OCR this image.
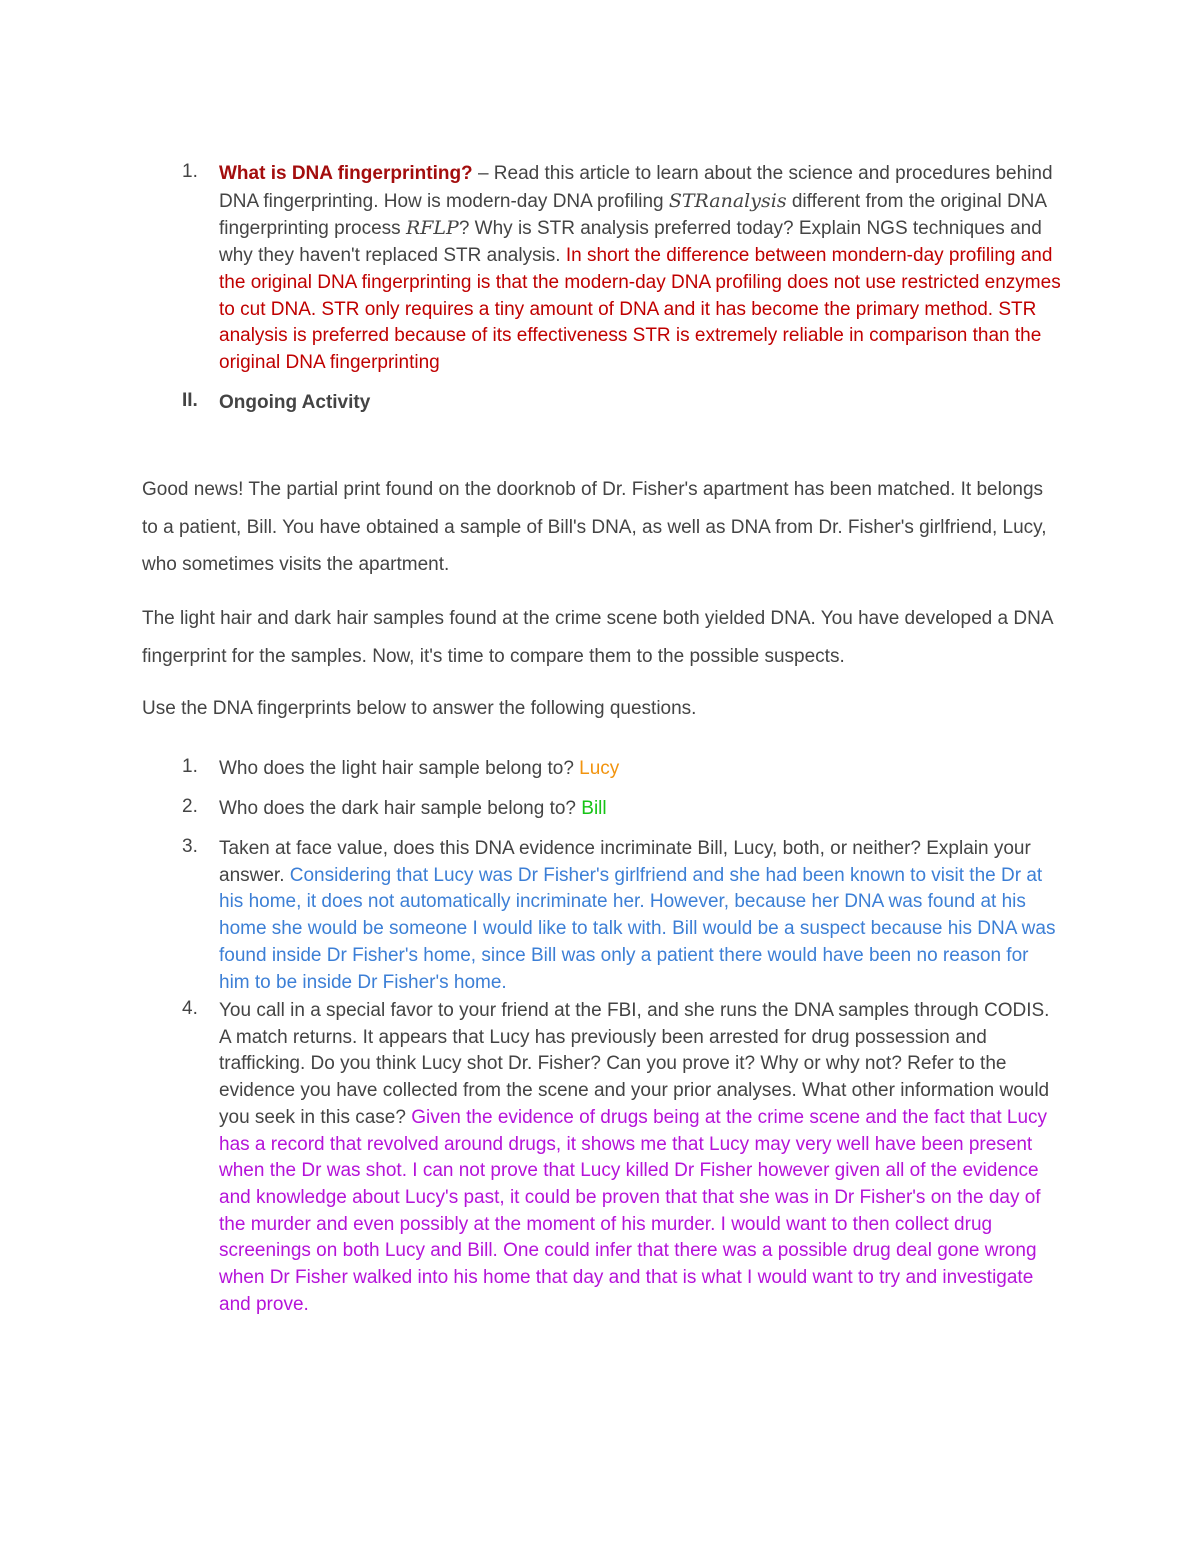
1.	What is DNA fingerprinting? – Read this article to learn about the science and procedures behind DNA fingerprinting. How is modern-day DNA profiling STRanalysis different from the original DNA fingerprinting process RFLP? Why is STR analysis preferred today? Explain NGS techniques and why they haven't replaced STR analysis. In short the difference between mondern-day profiling and the original DNA fingerprinting is that the modern-day DNA profiling does not use restricted enzymes to cut DNA. STR only requires a tiny amount of DNA and it has become the primary method. STR analysis is preferred because of its effectiveness STR is extremely reliable in comparison than the original DNA fingerprinting
II.	Ongoing Activity

Good news! The partial print found on the doorknob of Dr. Fisher's apartment has been matched. It belongs to a patient, Bill. You have obtained a sample of Bill's DNA, as well as DNA from Dr. Fisher's girlfriend, Lucy, who sometimes visits the apartment.

The light hair and dark hair samples found at the crime scene both yielded DNA. You have developed a DNA fingerprint for the samples. Now, it's time to compare them to the possible suspects.

Use the DNA fingerprints below to answer the following questions.

1.	Who does the light hair sample belong to? Lucy
2.	Who does the dark hair sample belong to? Bill
3.	Taken at face value, does this DNA evidence incriminate Bill, Lucy, both, or neither? Explain your answer. Considering that Lucy was Dr Fisher's girlfriend and she had been known to visit the Dr at his home, it does not automatically incriminate her. However, because her DNA was found at his home she would be someone I would like to talk with. Bill would be a suspect because his DNA was found inside Dr Fisher's home, since Bill was only a patient there would have been no reason for him to be inside Dr Fisher's home.
4.	You call in a special favor to your friend at the FBI, and she runs the DNA samples through CODIS. A match returns. It appears that Lucy has previously been arrested for drug possession and trafficking. Do you think Lucy shot Dr. Fisher? Can you prove it? Why or why not? Refer to the evidence you have collected from the scene and your prior analyses. What other information would you seek in this case? Given the evidence of drugs being at the crime scene and the fact that Lucy has a record that revolved around drugs, it shows me that Lucy may very well have been present when the Dr was shot. I can not prove that Lucy killed Dr Fisher however given all of the evidence and knowledge about Lucy's past, it could be proven that that she was in Dr Fisher's on the day of the murder and even possibly at the moment of his murder. I would want to then collect drug screenings on both Lucy and Bill. One could infer that there was a possible drug deal gone wrong when Dr Fisher walked into his home that day and that is what I would want to try and investigate and prove.
